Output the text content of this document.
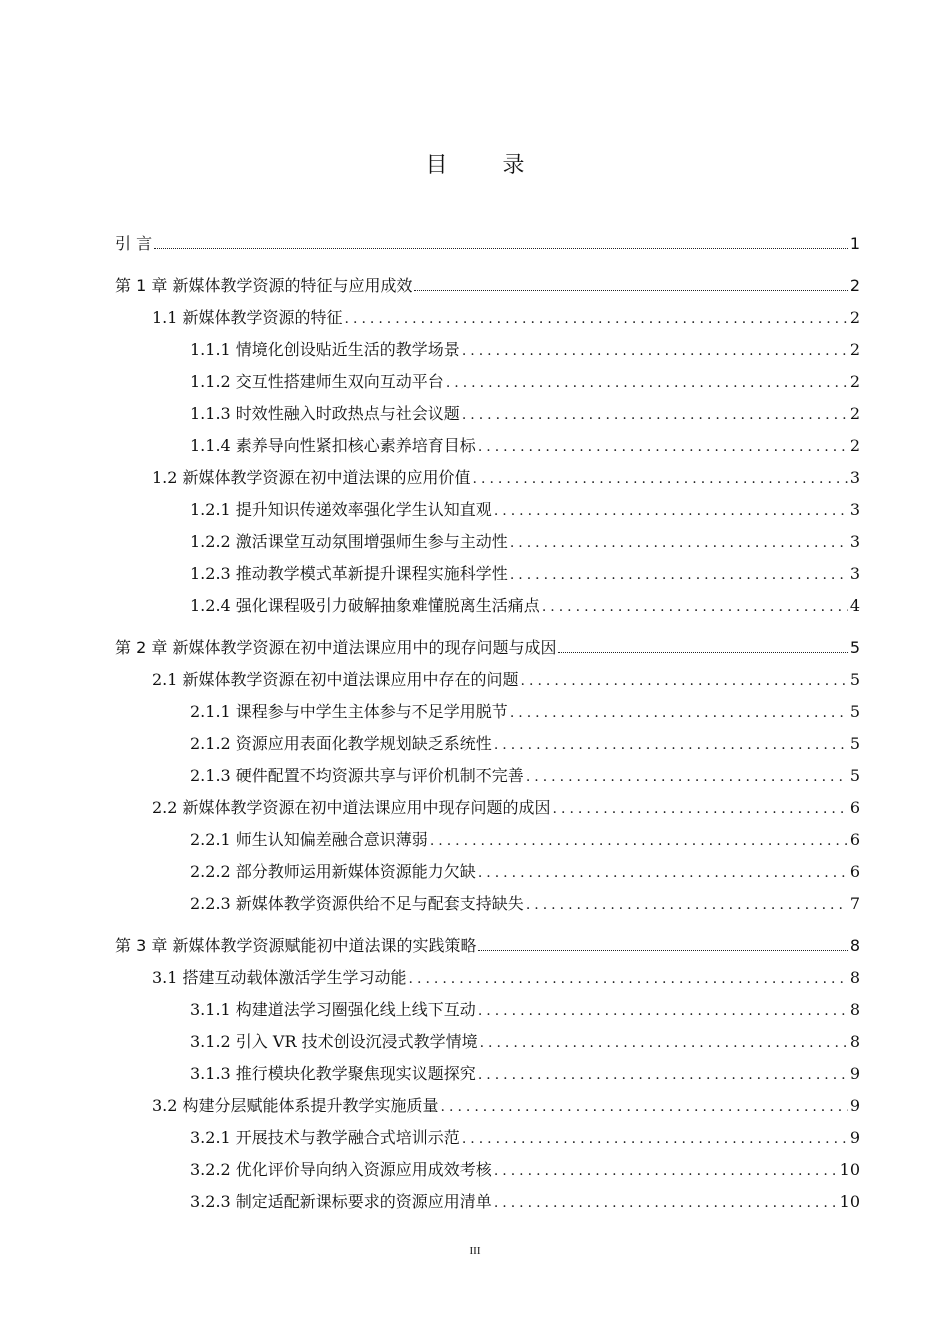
目 录
引 言	1
第 1 章 新媒体教学资源的特征与应用成效	2
1.1 新媒体教学资源的特征 .....	2
1.1.1 情境化创设贴近生活的教学场景 .....	2
1.1.2 交互性搭建师生双向互动平台 .....	2
1.1.3 时效性融入时政热点与社会议题 .....	2
1.1.4 素养导向性紧扣核心素养培育目标 .....	2
1.2 新媒体教学资源在初中道法课的应用价值 .....	3
1.2.1 提升知识传递效率强化学生认知直观 .....	3
1.2.2 激活课堂互动氛围增强师生参与主动性 .....	3
1.2.3 推动教学模式革新提升课程实施科学性 .....	3
1.2.4 强化课程吸引力破解抽象难懂脱离生活痛点 .....	4
第 2 章 新媒体教学资源在初中道法课应用中的现存问题与成因	5
2.1 新媒体教学资源在初中道法课应用中存在的问题 .....	5
2.1.1 课程参与中学生主体参与不足学用脱节 .....	5
2.1.2 资源应用表面化教学规划缺乏系统性 .....	5
2.1.3 硬件配置不均资源共享与评价机制不完善 .....	5
2.2 新媒体教学资源在初中道法课应用中现存问题的成因 .....	6
2.2.1 师生认知偏差融合意识薄弱 .....	6
2.2.2 部分教师运用新媒体资源能力欠缺 .....	6
2.2.3 新媒体教学资源供给不足与配套支持缺失 .....	7
第 3 章 新媒体教学资源赋能初中道法课的实践策略	8
3.1 搭建互动载体激活学生学习动能 .....	8
3.1.1 构建道法学习圈强化线上线下互动 .....	8
3.1.2 引入 VR 技术创设沉浸式教学情境 .....	8
3.1.3 推行模块化教学聚焦现实议题探究 .....	9
3.2 构建分层赋能体系提升教学实施质量 .....	9
3.2.1 开展技术与教学融合式培训示范 .....	9
3.2.2 优化评价导向纳入资源应用成效考核 .....	10
3.2.3 制定适配新课标要求的资源应用清单 .....	10
III
